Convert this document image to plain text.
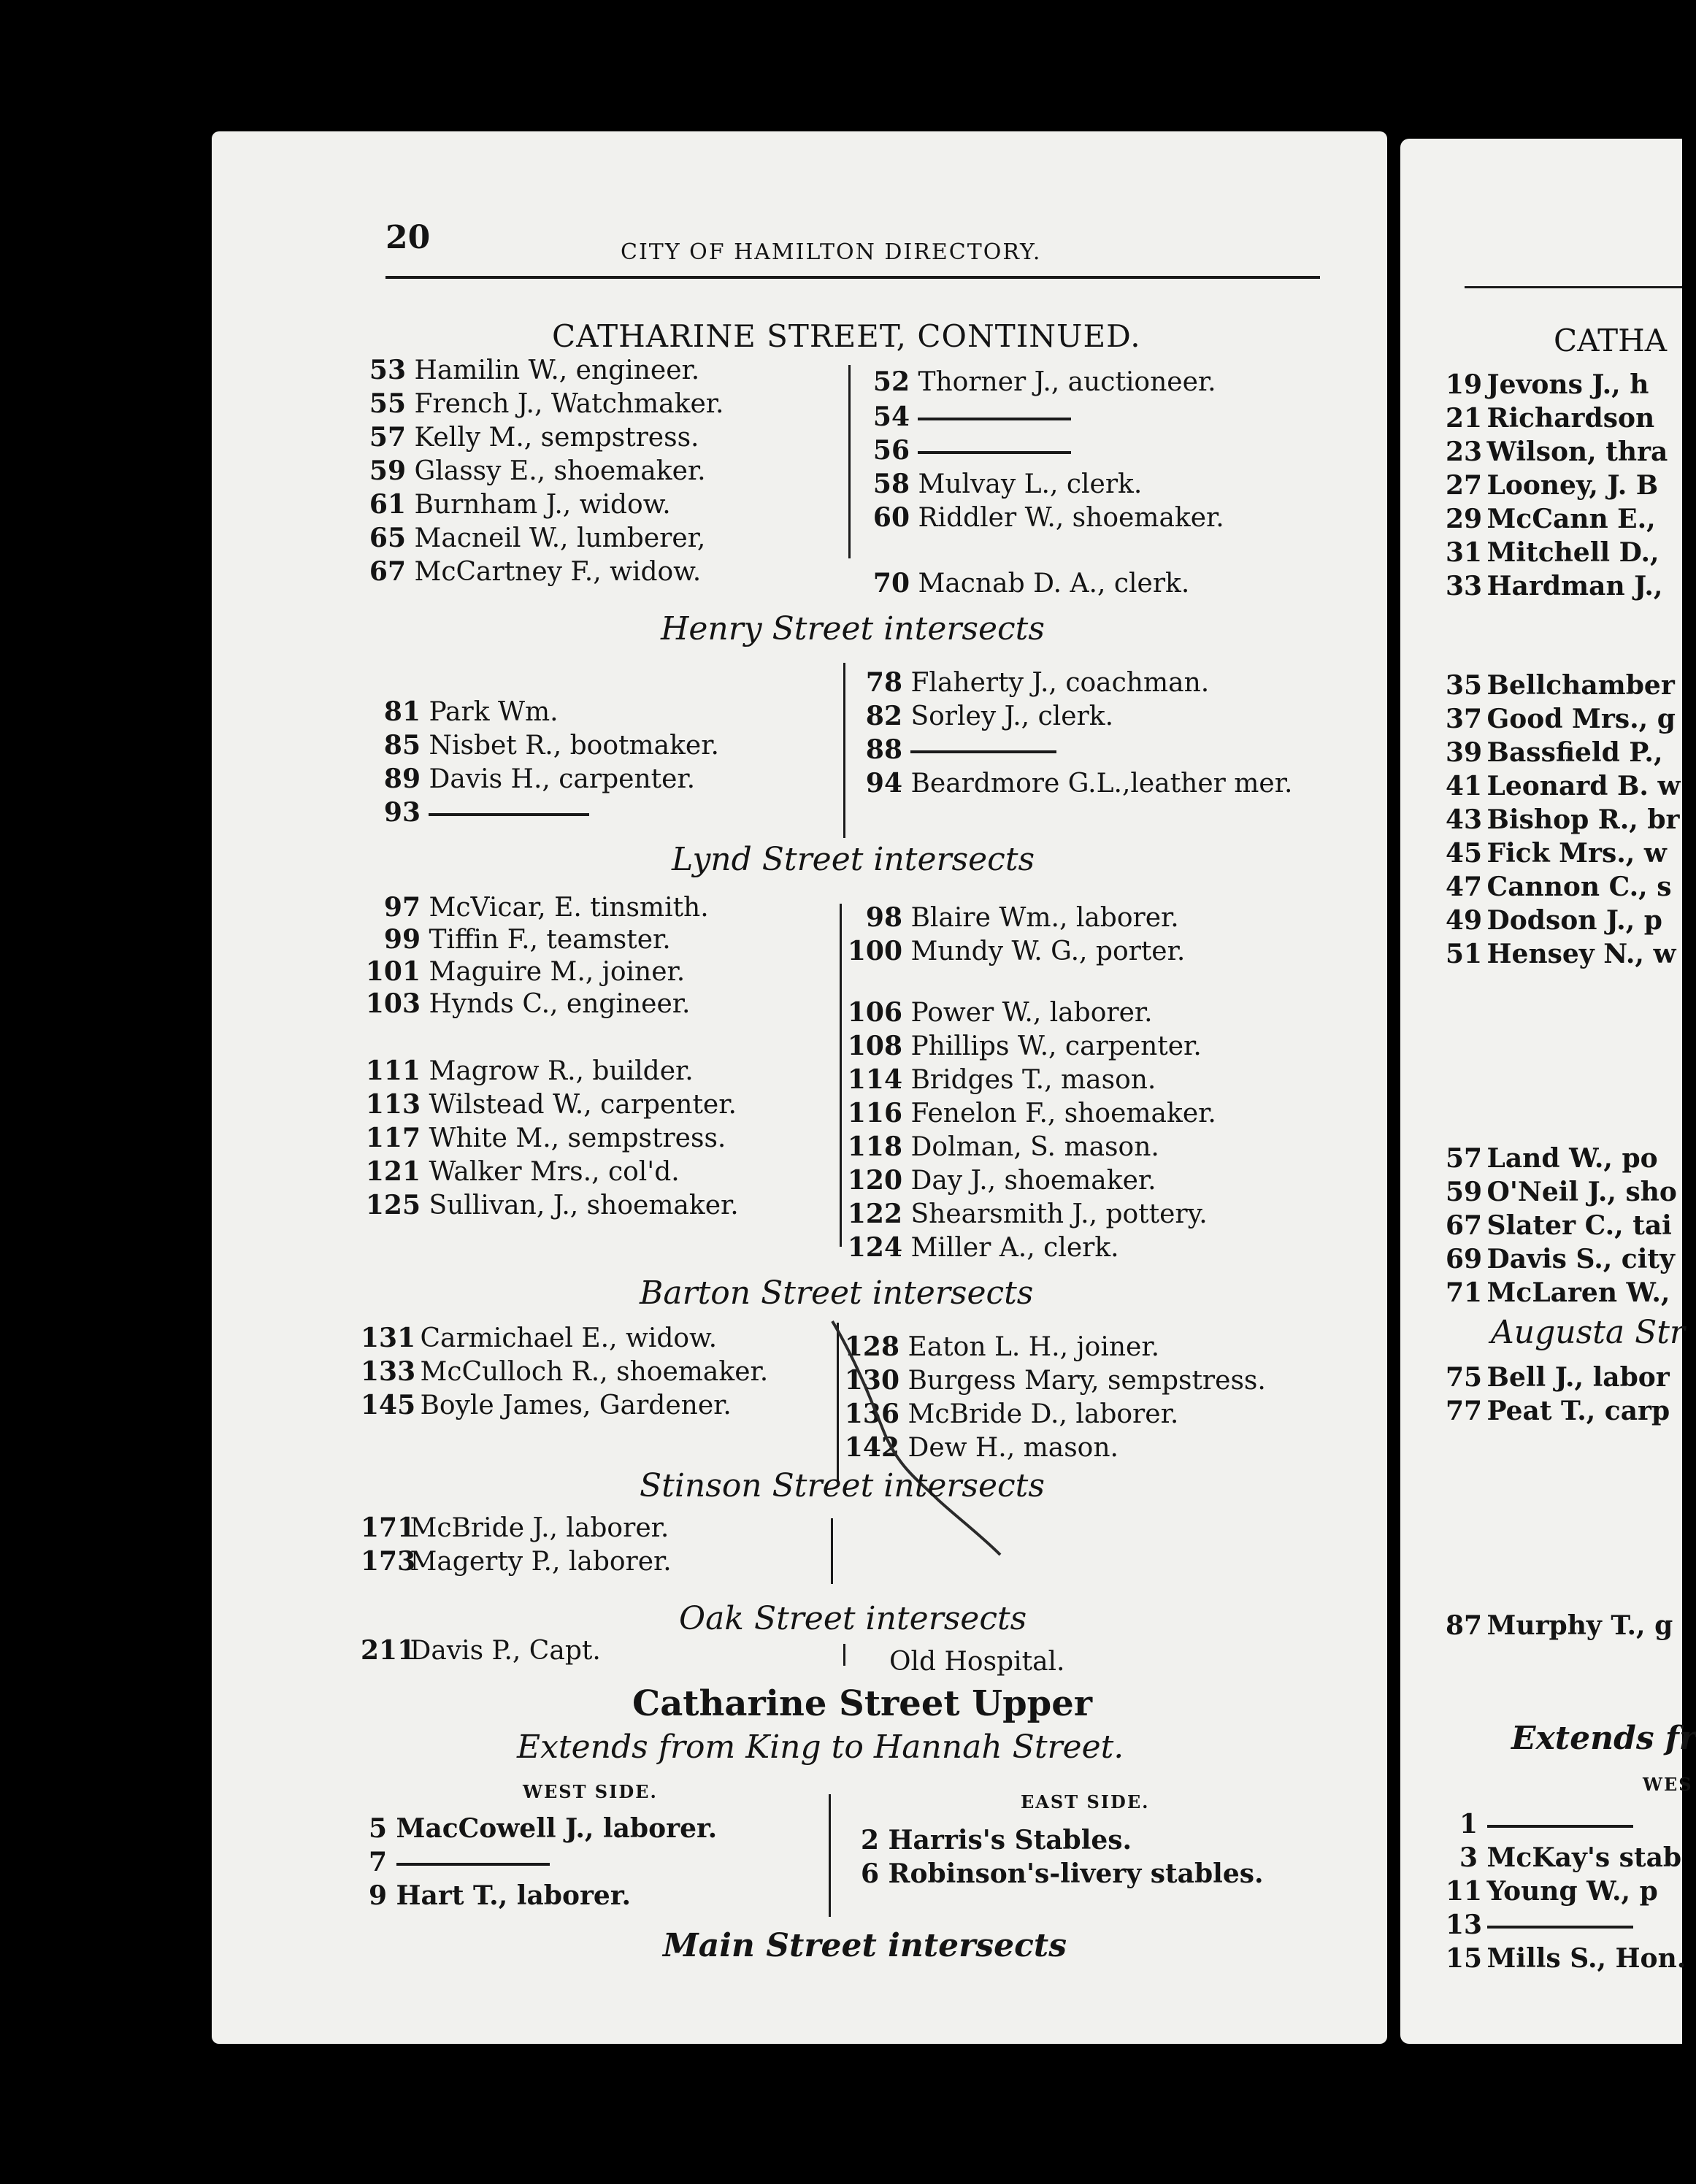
20	CITY OF HAMILTON DIRECTORY.
CATHARINE STREET, CONTINUED.
53 Hamilin W., engineer.
55 French J., Watchmaker.
57 Kelly M., sempstress.
59 Glassy E., shoemaker.
61 Burnham J., widow.
65 Macneil W., lumberer,
67 McCartney F., widow.
52 Thorner J., auctioneer.
54
56
58 Mulvay L., clerk.
60 Riddler W., shoemaker.
70 Macnab D. A., clerk.
Henry Street intersects
81 Park Wm.
85 Nisbet R., bootmaker.
89 Davis H., carpenter.
93
78 Flaherty J., coachman.
82 Sorley J., clerk.
88
94 Beardmore G.L.,leather mer.
Lynd Street intersects
97 McVicar, E. tinsmith.
99 Tiffin F., teamster.
101 Maguire M., joiner.
103 Hynds C., engineer.
111 Magrow R., builder.
113 Wilstead W., carpenter.
117 White M., sempstress.
121 Walker Mrs., col'd.
125 Sullivan, J., shoemaker.
98 Blaire Wm., laborer.
100 Mundy W. G., porter.
106 Power W., laborer.
108 Phillips W., carpenter.
114 Bridges T., mason.
116 Fenelon F., shoemaker.
118 Dolman, S. mason.
120 Day J., shoemaker.
122 Shearsmith J., pottery.
124 Miller A., clerk.
Barton Street intersects
131 Carmichael E., widow.
133 McCulloch R., shoemaker.
145 Boyle James, Gardener.
128 Eaton L. H., joiner.
130 Burgess Mary, sempstress.
136 McBride D., laborer.
142 Dew H., mason.
Stinson Street intersects
171 McBride J., laborer.
173 Magerty P., laborer.
Oak Street intersects
211 Davis P., Capt.	Old Hospital.
Catharine Street Upper
Extends from King to Hannah Street.
WEST SIDE.	EAST SIDE.
5 MacCowell J., laborer.
7
9 Hart T., laborer.
2 Harris's Stables.
6 Robinson's-livery stables.
Main Street intersects
CATHA
19 Jevons J., h
21 Richardson
23 Wilson, thra
27 Looney, J. B
29 McCann E.,
31 Mitchell D.,
33 Hardman J.,
35 Bellchamber
37 Good Mrs., g
39 Bassfield P.,
41 Leonard B. w
43 Bishop R., br
45 Fick Mrs., w
47 Cannon C., s
49 Dodson J., p
51 Hensey N., w
57 Land W., po
59 O'Neil J., sho
67 Slater C., tai
69 Davis S., city
71 McLaren W.,
Augusta Str
75 Bell J., labor
77 Peat T., carp
87 Murphy T., g
Extends fr
WES
1
3 McKay's stab
11 Young W., p
13
15 Mills S., Hon.
